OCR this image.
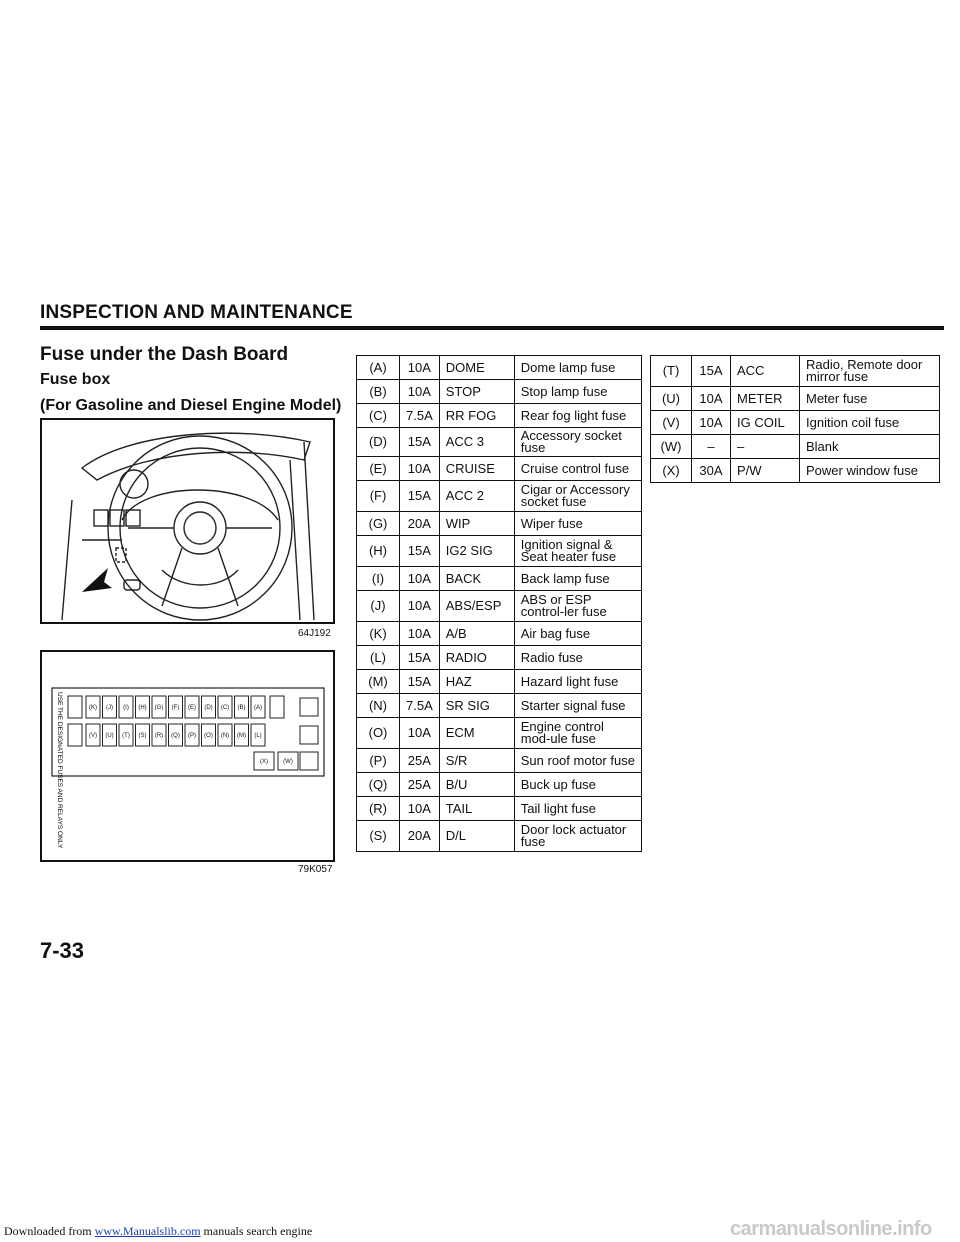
INSPECTION AND MAINTENANCE
Fuse under the Dash Board
Fuse box
(For Gasoline and Diesel Engine Model)
64J192
USE THE DESIGNATED FUSES AND RELAYS ONLY	(K) (J) (I) (H) (G) (F) (E) (D) (C) (B) (A)
(V) (U) (T) (S) (R) (Q) (P) (O) (N) (M) (L)
(X)	(W)
79K057
(A)	10A	DOME	Dome lamp fuse
(B)	10A	STOP	Stop lamp fuse
(C)	7.5A	RR FOG	Rear fog light fuse
(D)	15A	ACC 3	Accessory socket fuse
(E)	10A	CRUISE	Cruise control fuse
(F)	15A	ACC 2	Cigar or Accessory socket fuse
(G)	20A	WIP	Wiper fuse
(H)	15A	IG2 SIG	Ignition signal & Seat heater fuse
(I)	10A	BACK	Back lamp fuse
(J)	10A	ABS/ESP	ABS or ESP control-ler fuse
(K)	10A	A/B	Air bag fuse
(L)	15A	RADIO	Radio fuse
(M)	15A	HAZ	Hazard light fuse
(N)	7.5A	SR SIG	Starter signal fuse
(O)	10A	ECM	Engine control mod-ule fuse
(P)	25A	S/R	Sun roof motor fuse
(Q)	25A	B/U	Buck up fuse
(R)	10A	TAIL	Tail light fuse
(S)	20A	D/L	Door lock actuator fuse
(T)	15A	ACC	Radio, Remote door mirror fuse
(U)	10A	METER	Meter fuse
(V)	10A	IG COIL	Ignition coil fuse
(W)	–	–	Blank
(X)	30A	P/W	Power window fuse
7-33
Downloaded from www.Manualslib.com manuals search engine	carmanualsonline.info
